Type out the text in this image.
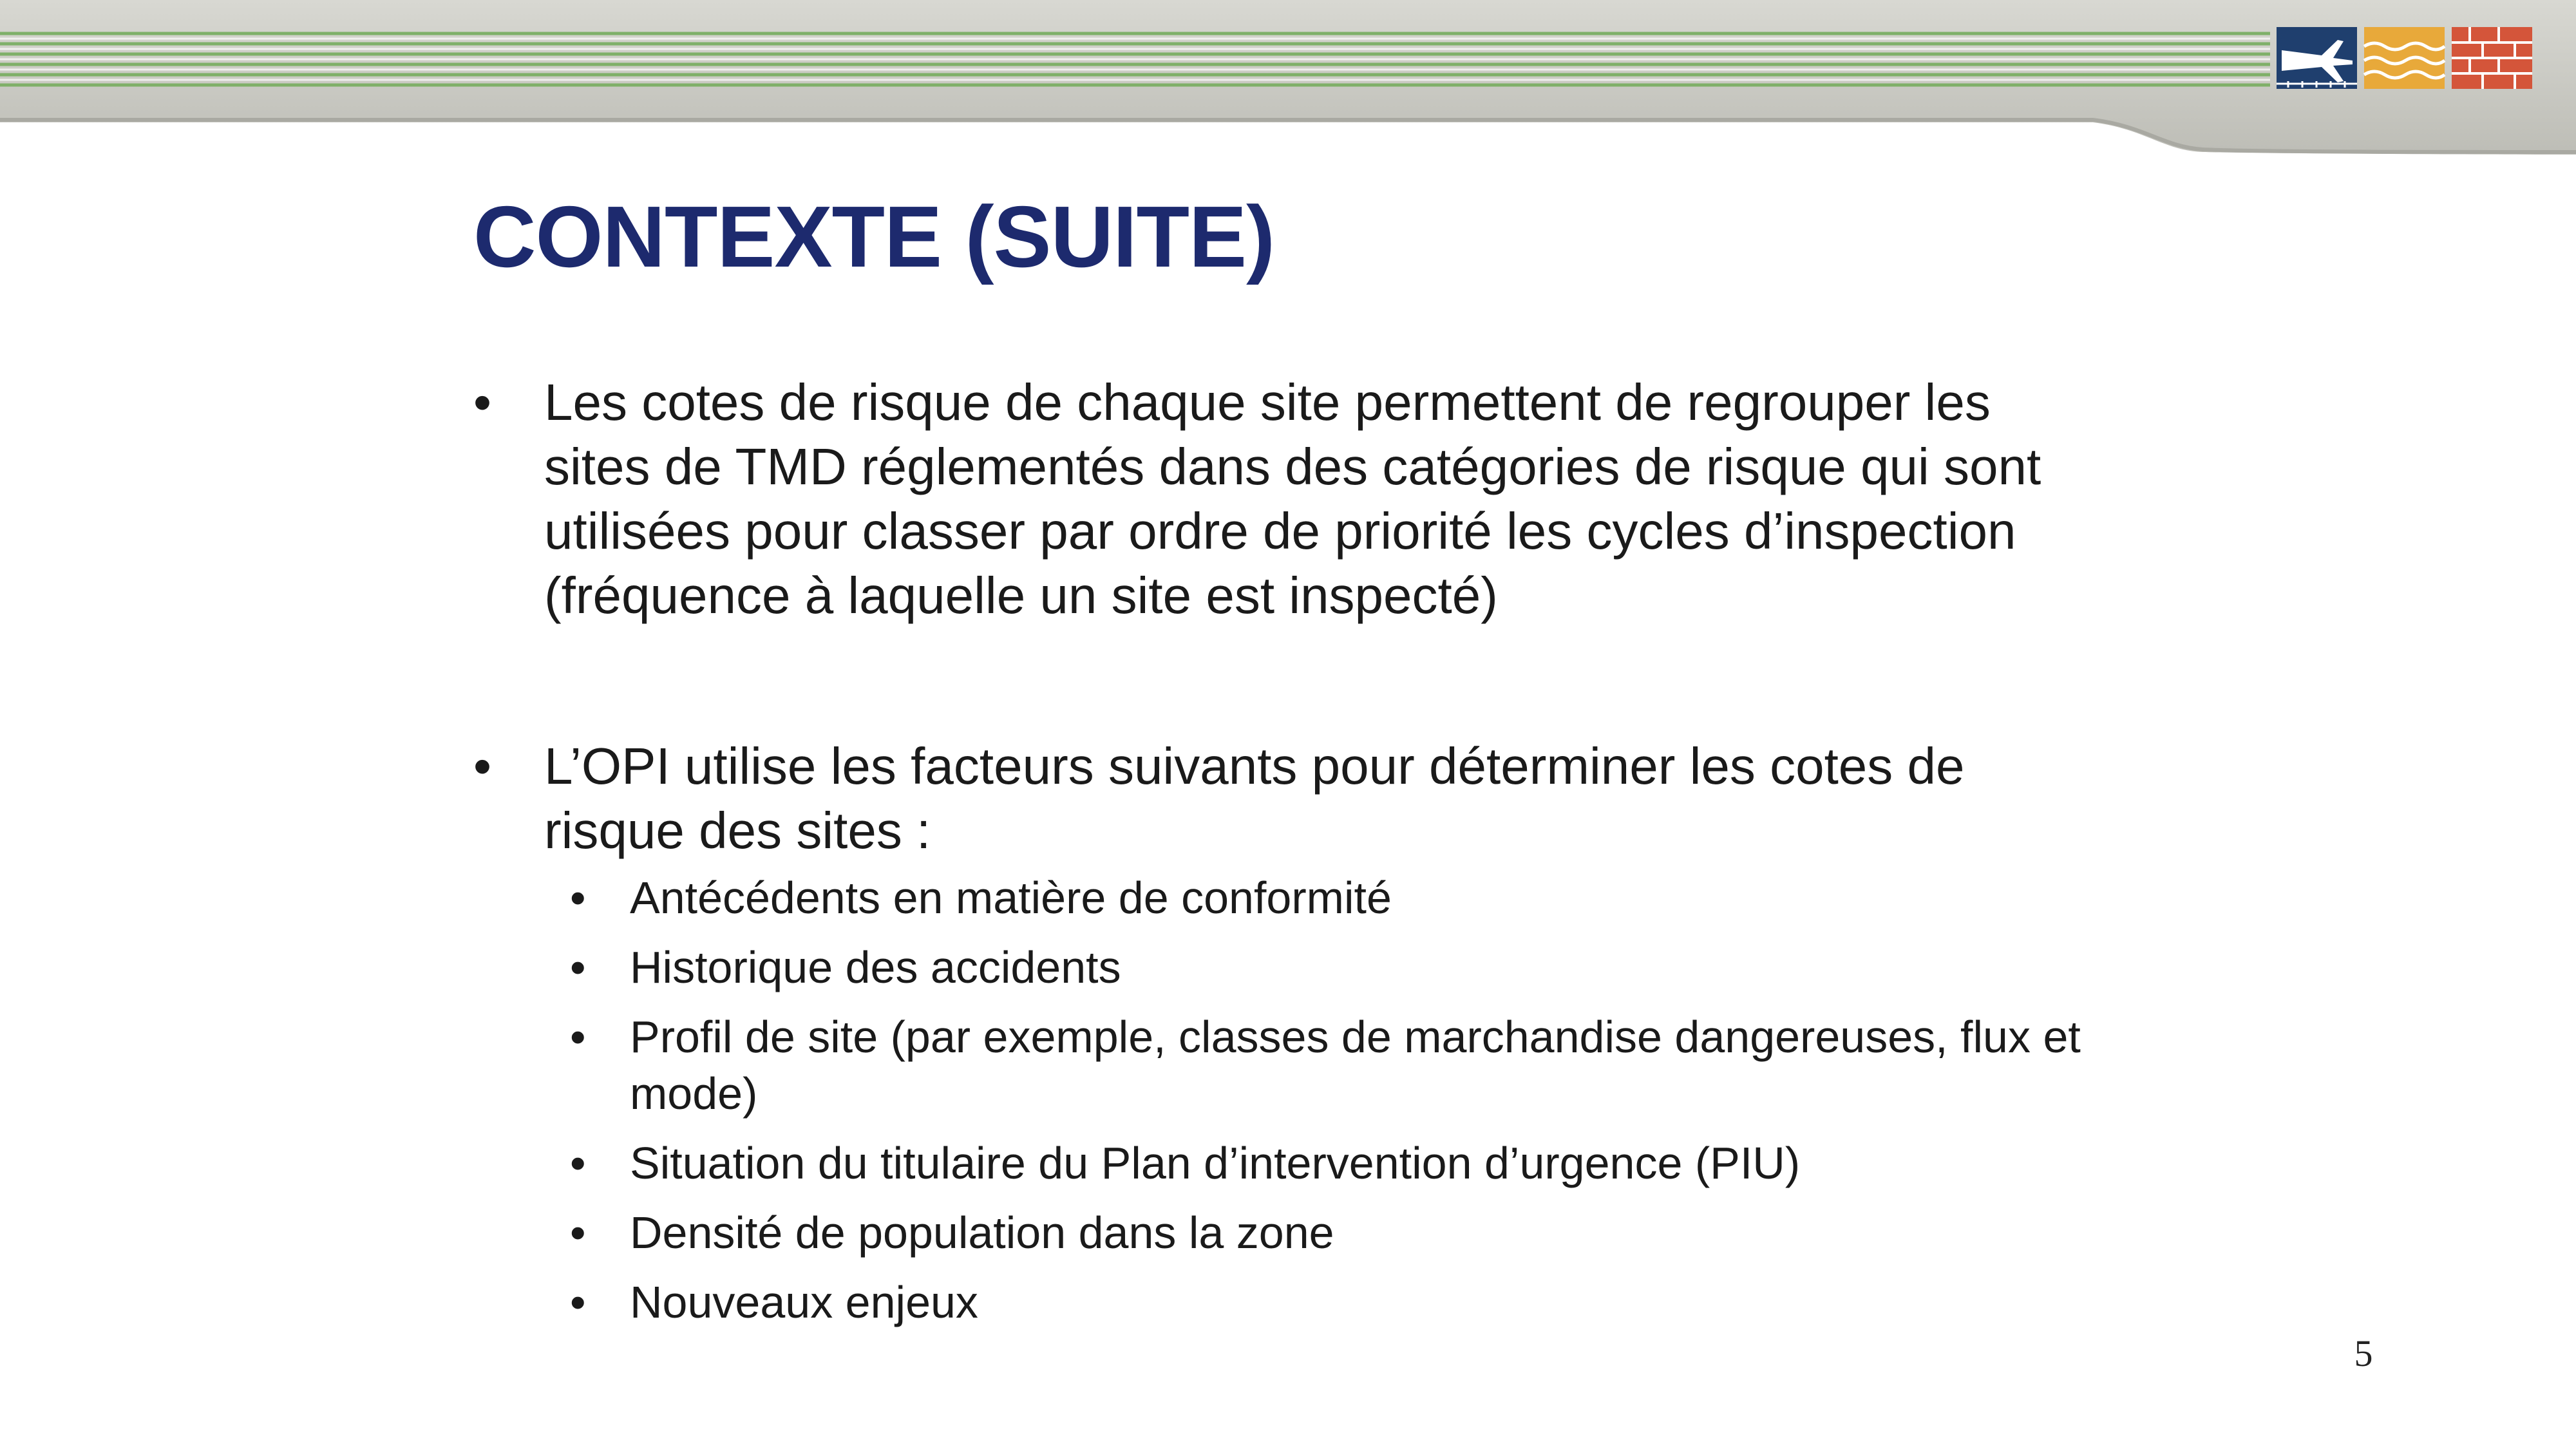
CONTEXTE (SUITE)
• Les cotes de risque de chaque site permettent de regrouper les sites de TMD réglementés dans des catégories de risque qui sont utilisées pour classer par ordre de priorité les cycles d’inspection (fréquence à laquelle un site est inspecté)
• L’OPI utilise les facteurs suivants pour déterminer les cotes de risque des sites :
• Antécédents en matière de conformité
• Historique des accidents
• Profil de site (par exemple, classes de marchandise dangereuses, flux et mode)
• Situation du titulaire du Plan d’intervention d’urgence (PIU)
• Densité de population dans la zone
• Nouveaux enjeux
5
